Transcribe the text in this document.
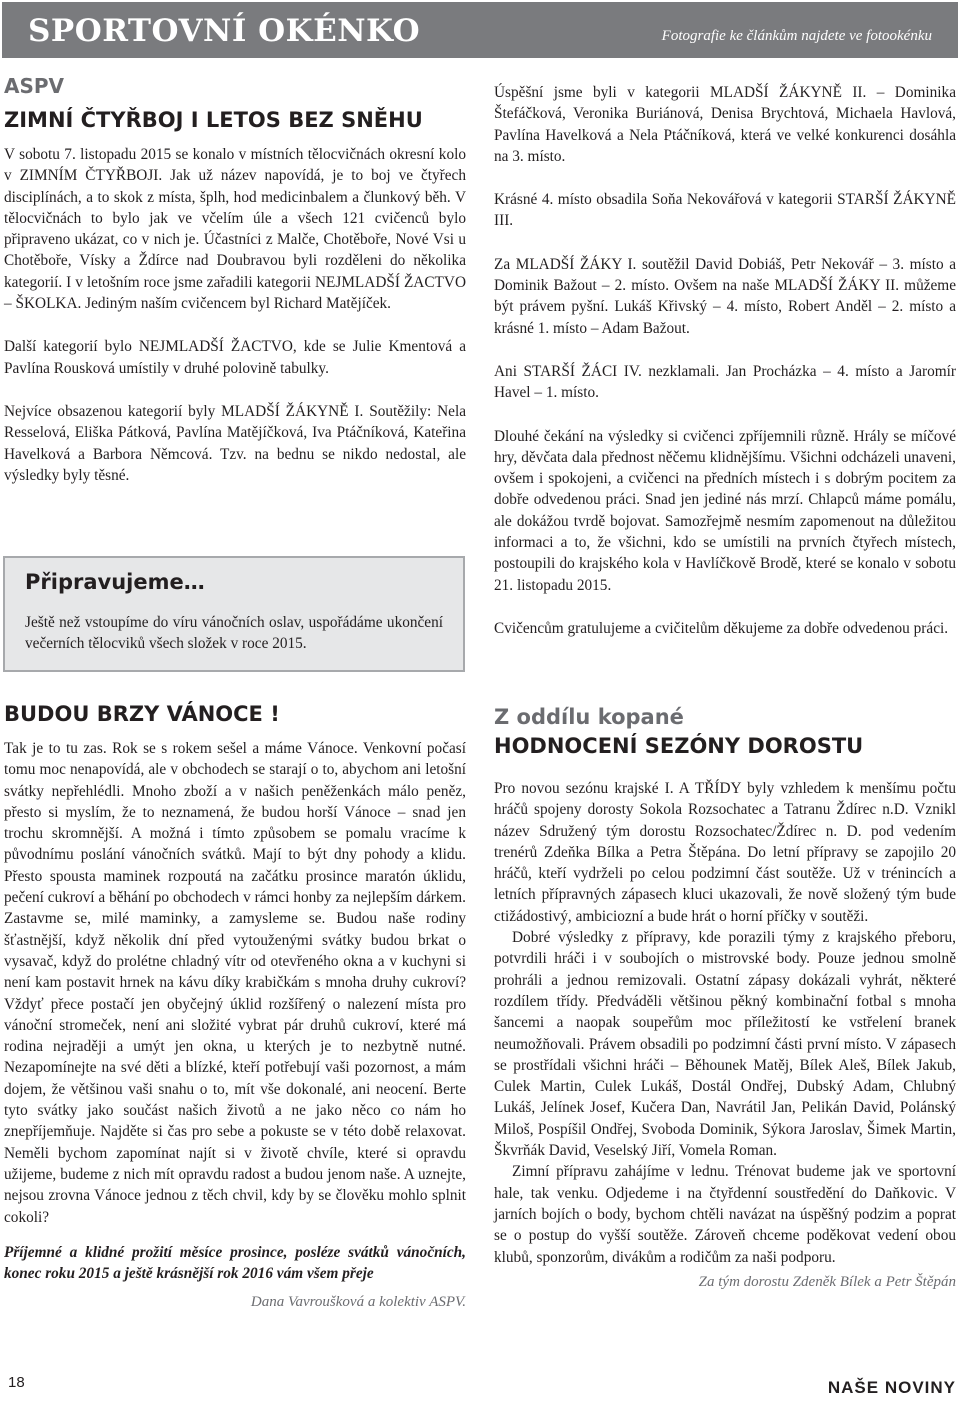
SPORTOVNÍ OKÉNKO	Fotografie ke článkům najdete ve fotookénku
ASPV
ZIMNÍ ČTYŘBOJ I LETOS BEZ SNĚHU

V sobotu 7. listopadu 2015 se konalo v místních tělocvičnách okresní kolo v ZIMNÍM ČTYŘBOJI. Jak už název napovídá, je to boj ve čtyřech disciplínách, a to skok z místa, šplh, hod medicinbalem a člunkový běh. V tělocvičnách to bylo jak ve včelím úle a všech 121 cvičenců bylo připraveno ukázat, co v nich je. Účastníci z Malče, Chotěboře, Nové Vsi u Chotěboře, Vísky a Ždírce nad Doubravou byli rozděleni do několika kategorií. I v letošním roce jsme zařadili kategorii NEJMLADŠÍ ŽACTVO – ŠKOLKA. Jediným naším cvičencem byl Richard Matějíček.

Další kategorií bylo NEJMLADŠÍ ŽACTVO, kde se Julie Kmentová a Pavlína Rousková umístily v druhé polovině tabulky.

Nejvíce obsazenou kategorií byly MLADŠÍ ŽÁKYNĚ I. Soutěžily: Nela Resselová, Eliška Pátková, Pavlína Matějíčková, Iva Ptáčníková, Kateřina Havelková a Barbora Němcová. Tzv. na bednu se nikdo nedostal, ale výsledky byly těsné.

Připravujeme…
Ještě než vstoupíme do víru vánočních oslav, uspořádáme ukončení večerních tělocviků všech složek v roce 2015.

Úspěšní jsme byli v kategorii MLADŠÍ ŽÁKYNĚ II. – Dominika Štefáčková, Veronika Buriánová, Denisa Brychtová, Michaela Havlová, Pavlína Havelková a Nela Ptáčníková, která ve velké konkurenci dosáhla na 3. místo.

Krásné 4. místo obsadila Soňa Nekovářová v kategorii STARŠÍ ŽÁKYNĚ III.

Za MLADŠÍ ŽÁKY I. soutěžil David Dobiáš, Petr Nekovář – 3. místo a Dominik Bažout – 2. místo. Ovšem na naše MLADŠÍ ŽÁKY II. můžeme být právem pyšní. Lukáš Křivský – 4. místo, Robert Anděl – 2. místo a krásné 1. místo – Adam Bažout.

Ani STARŠÍ ŽÁCI IV. nezklamali. Jan Procházka – 4. místo a Jaromír Havel – 1. místo.

Dlouhé čekání na výsledky si cvičenci zpříjemnili různě. Hrály se míčové hry, děvčata dala přednost něčemu klidnějšímu. Všichni odcházeli unaveni, ovšem i spokojeni, a cvičenci na předních místech i s dobrým pocitem za dobře odvedenou práci. Snad jen jediné nás mrzí. Chlapců máme pomálu, ale dokážou tvrdě bojovat. Samozřejmě nesmím zapomenout na důležitou informaci a to, že všichni, kdo se umístili na prvních čtyřech místech, postoupili do krajského kola v Havlíčkově Brodě, které se konalo v sobotu 21. listopadu 2015.

Cvičencům gratulujeme a cvičitelům děkujeme za dobře odvedenou práci.

BUDOU BRZY VÁNOCE !

Tak je to tu zas. Rok se s rokem sešel a máme Vánoce. Venkovní počasí tomu moc nenapovídá, ale v obchodech se starají o to, abychom ani letošní svátky nepřehlédli. Mnoho zboží a v našich peněženkách málo peněz, přesto si myslím, že to neznamená, že budou horší Vánoce – snad jen trochu skromnější. A možná i tímto způsobem se pomalu vracíme k původnímu poslání vánočních svátků. Mají to být dny pohody a klidu. Přesto spousta maminek rozpoutá na začátku prosince maratón úklidu, pečení cukroví a běhání po obchodech v rámci honby za nejlepším dárkem. Zastavme se, milé maminky, a zamysleme se. Budou naše rodiny šťastnější, když několik dní před vytouženými svátky budou brkat o vysavač, když do prolétne chladný vítr od otevřeného okna a v kuchyni si není kam postavit hrnek na kávu díky krabičkám s mnoha druhy cukroví? Vždyť přece postačí jen obyčejný úklid rozšířený o nalezení místa pro vánoční stromeček, není ani složité vybrat pár druhů cukroví, které má rodina nejraději a umýt jen okna, u kterých je to nezbytně nutné. Nezapomínejte na své děti a blízké, kteří potřebují vaši pozornost, a mám dojem, že většinou vaši snahu o to, mít vše dokonalé, ani neocení. Berte tyto svátky jako součást našich životů a ne jako něco co nám ho znepříjemňuje. Najděte si čas pro sebe a pokuste se v této době relaxovat. Neměli bychom zapomínat najít si v životě chvíle, které si opravdu užijeme, budeme z nich mít opravdu radost a budou jenom naše. A uznejte, nejsou zrovna Vánoce jednou z těch chvil, kdy by se člověku mohlo splnit cokoli?

Příjemné a klidné prožití měsíce prosince, posléze svátků vánočních, konec roku 2015 a ještě krásnější rok 2016 vám všem přeje

Dana Vavroušková a kolektiv ASPV.
Z oddílu kopané
HODNOCENÍ SEZÓNY DOROSTU

Pro novou sezónu krajské I. A TŘÍDY byly vzhledem k menšímu počtu hráčů spojeny dorosty Sokola Rozsochatec a Tatranu Ždírec n.D. Vznikl název Sdružený tým dorostu Rozsochatec/Ždírec n. D. pod vedením trenérů Zdeňka Bílka a Petra Štěpána. Do letní přípravy se zapojilo 20 hráčů, kteří vydrželi po celou podzimní část soutěže. Už v trénincích a letních přípravných zápasech kluci ukazovali, že nově složený tým bude ctižádostivý, ambiciozní a bude hrát o horní příčky v soutěži.

Dobré výsledky z přípravy, kde porazili týmy z krajského přeboru, potvrdili hráči i v soubojích o mistrovské body. Pouze jednou smolně prohráli a jednou remizovali. Ostatní zápasy dokázali vyhrát, některé rozdílem třídy. Předváděli většinou pěkný kombinační fotbal s mnoha šancemi a naopak soupeřům moc příležitostí ke vstřelení branek neumožňovali. Právem obsadili po podzimní části první místo. V zápasech se prostřídali všichni hráči – Běhounek Matěj, Bílek Aleš, Bílek Jakub, Culek Martin, Culek Lukáš, Dostál Ondřej, Dubský Adam, Chlubný Lukáš, Jelínek Josef, Kučera Dan, Navrátil Jan, Pelikán David, Polánský Miloš, Pospíšil Ondřej, Svoboda Dominik, Sýkora Jaroslav, Šimek Martin, Škvrňák David, Veselský Jiří, Vomela Roman.

Zimní přípravu zahájíme v lednu. Trénovat budeme jak ve sportovní hale, tak venku. Odjedeme i na čtyřdenní soustředění do Daňkovic. V jarních bojích o body, bychom chtěli navázat na úspěšný podzim a poprat se o postup do vyšší soutěže. Zároveň chceme poděkovat vedení obou klubů, sponzorům, divákům a rodičům za naši podporu.

Za tým dorostu Zdeněk Bílek a Petr Štěpán
18	NAŠE NOVINY
